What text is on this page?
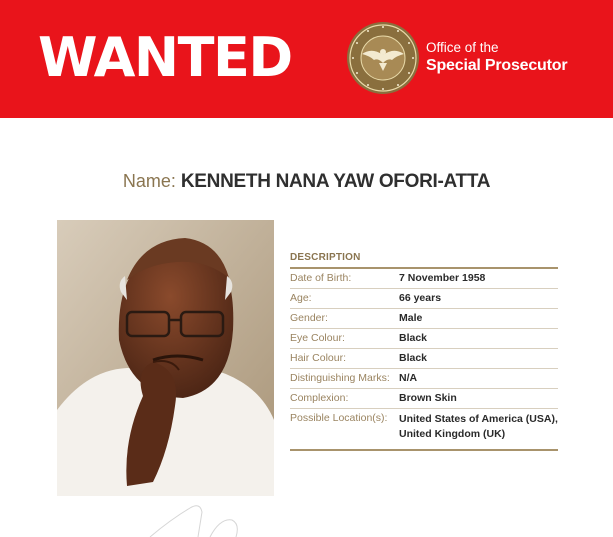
WANTED	Office of the
Special Prosecutor
Name: KENNETH NANA YAW OFORI-ATTA
DESCRIPTION
Date of Birth:	7 November 1958
Age:	66 years
Gender:	Male
Eye Colour:	Black
Hair Colour:	Black
Distinguishing Marks: N/A
Complexion:	Brown Skin
Possible Location(s):	United States of America (USA),
United Kingdom (UK)
